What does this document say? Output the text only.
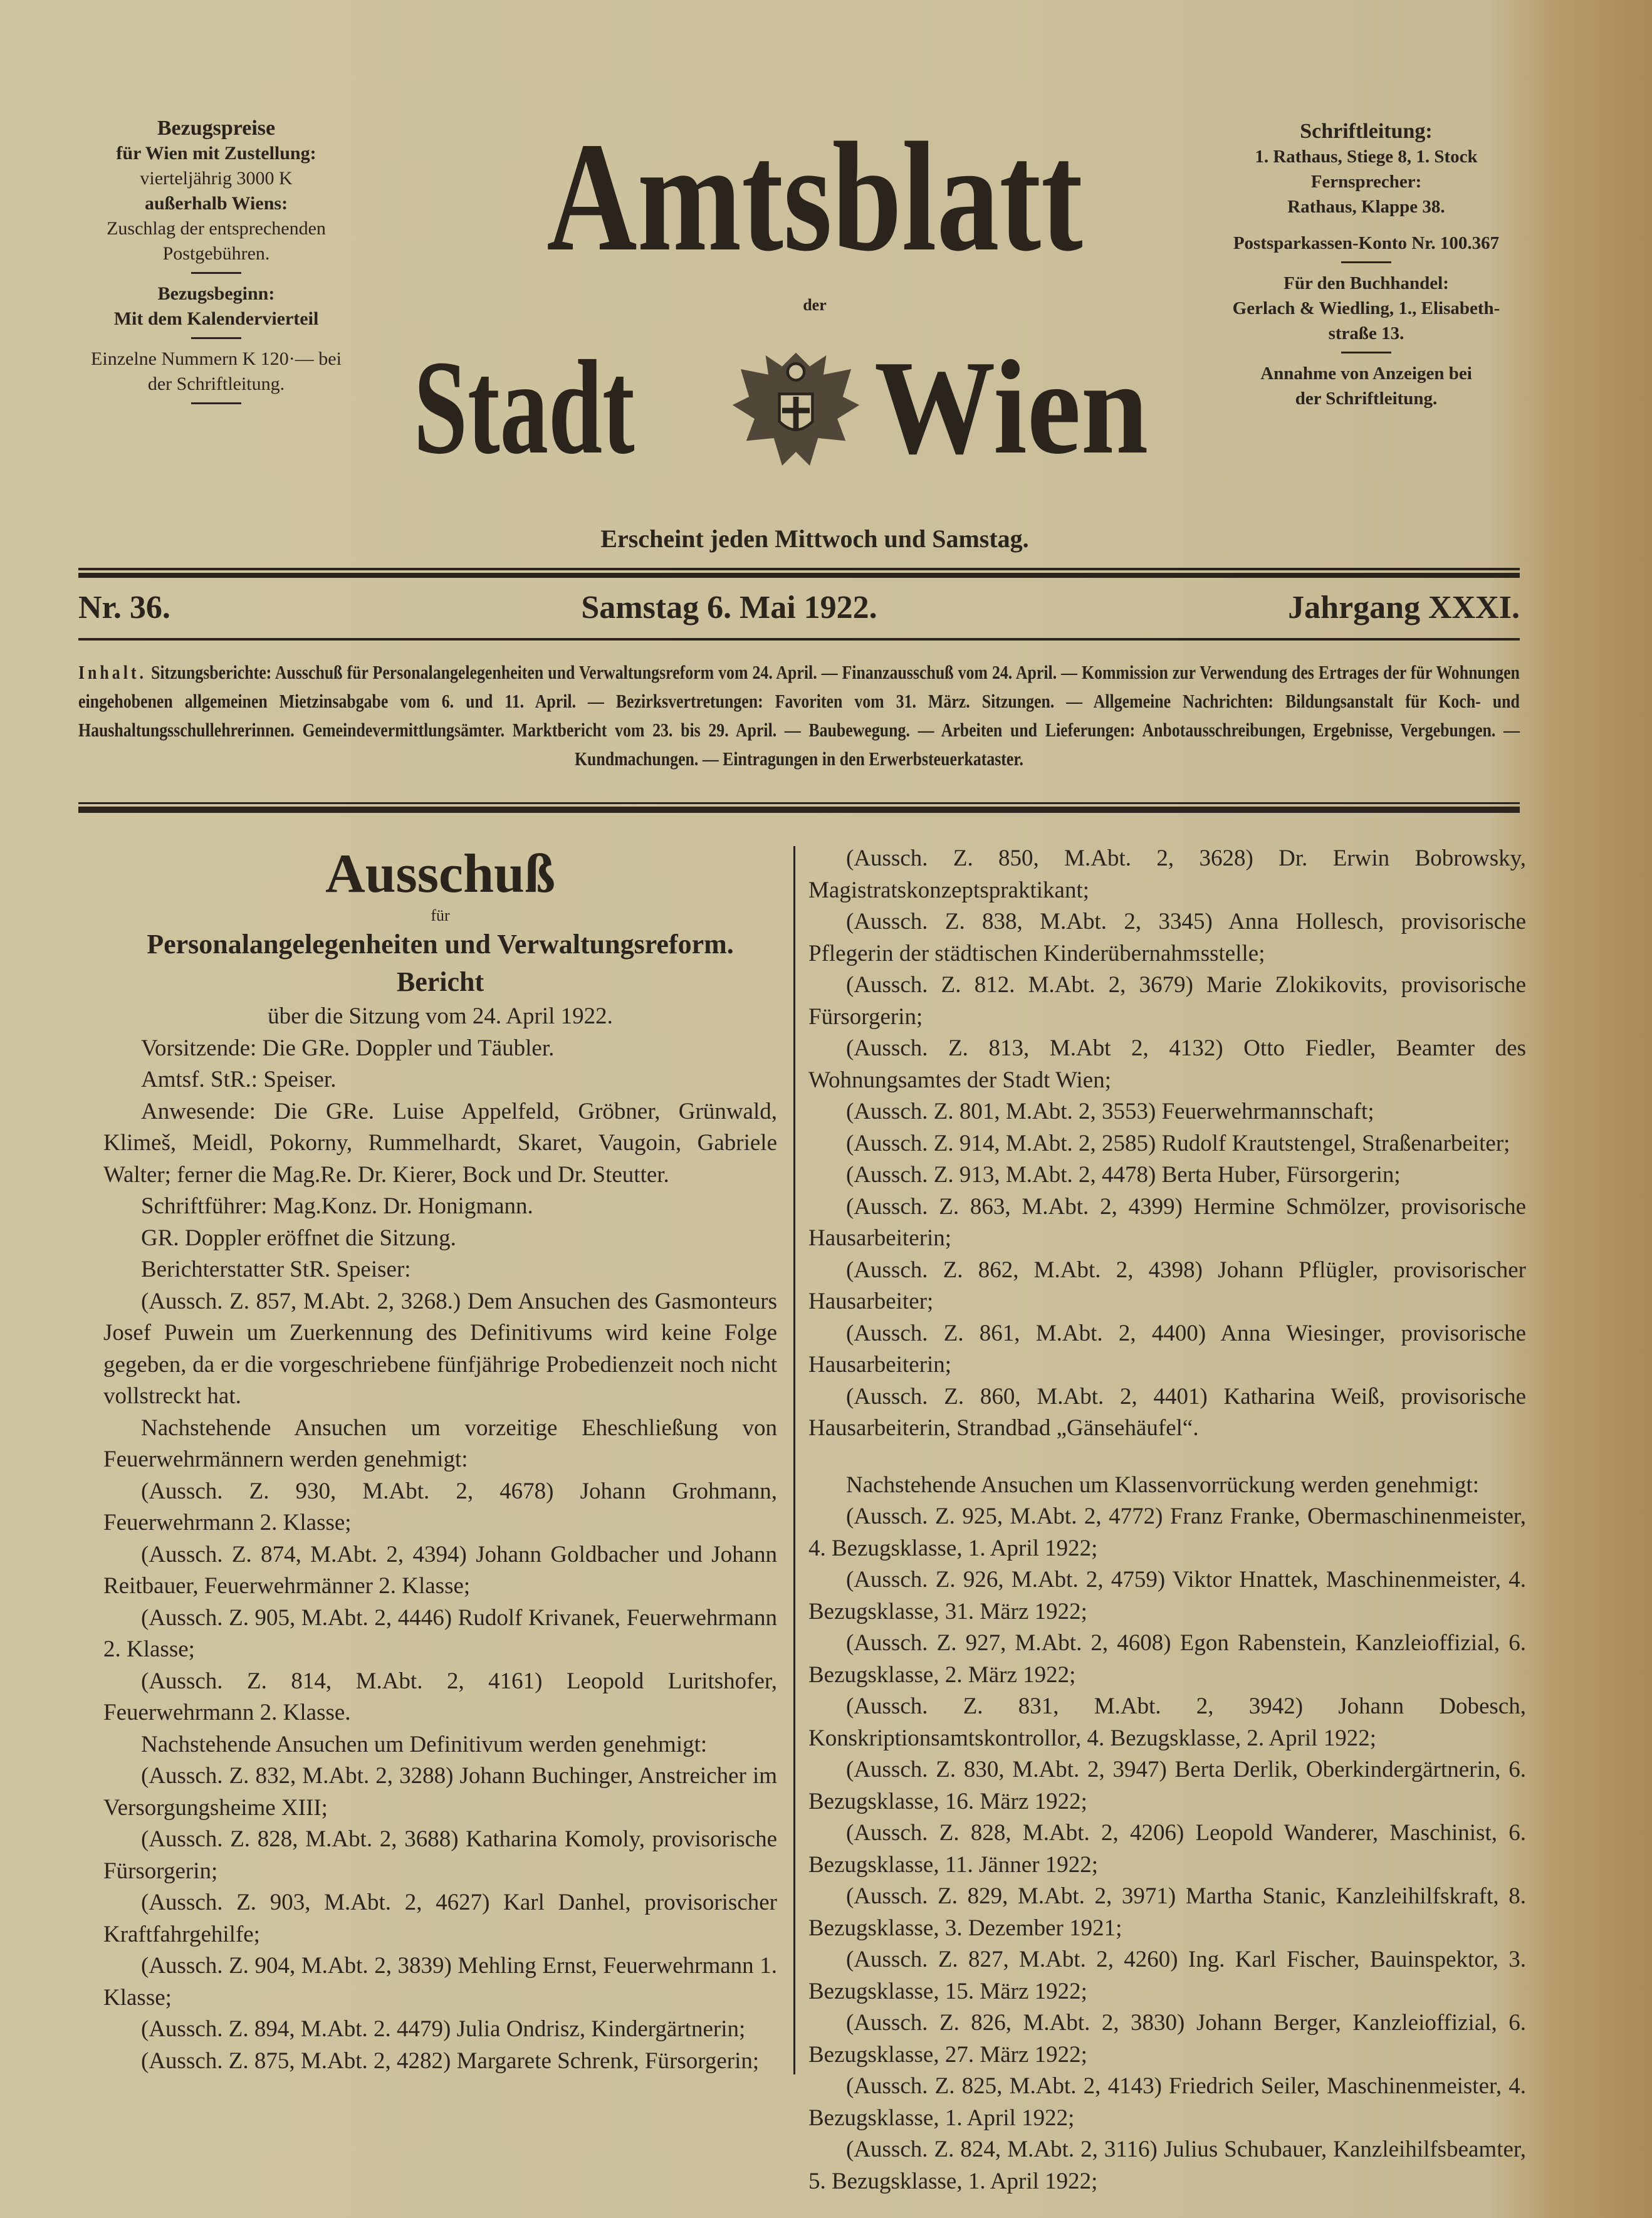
Bezugspreise
für Wien mit Zustellung:
vierteljährig 3000 K
außerhalb Wiens:
Zuschlag der entsprechenden
Postgebühren.
Bezugsbeginn:
Mit dem Kalendervierteil
Einzelne Nummern K 120·— bei
der Schriftleitung.
Amtsblatt
der
Stadt Wien
Erscheint jeden Mittwoch und Samstag.
Schriftleitung:
1. Rathaus, Stiege 8, 1. Stock
Fernsprecher:
Rathaus, Klappe 38.
Postsparkassen-Konto Nr. 100.367
Für den Buchhandel:
Gerlach & Wiedling, 1., Elisabeth-
straße 13.
Annahme von Anzeigen bei
der Schriftleitung.
Nr. 36.	Samstag 6. Mai 1922.	Jahrgang XXXI.
Inhalt. Sitzungsberichte: Ausschuß für Personalangelegenheiten und Verwaltungsreform vom 24. April. — Finanzausschuß vom 24. April. — Kommission zur Verwendung des Ertrages der für Wohnungen eingehobenen allgemeinen Mietzinsabgabe vom 6. und 11. April. — Bezirksvertretungen: Favoriten vom 31. März. Sitzungen. — Allgemeine Nachrichten: Bildungsanstalt für Koch- und Haushaltungsschullehrerinnen. Gemeindevermittlungsämter. Marktbericht vom 23. bis 29. April. — Baubewegung. — Arbeiten und Lieferungen: Anbotausschreibungen, Ergebnisse, Vergebungen. — Kundmachungen. — Eintragungen in den Erwerbsteuerkataster.
Ausschuß
für
Personalangelegenheiten und Verwaltungsreform.
Bericht

über die Sitzung vom 24. April 1922.

Vorsitzende: Die GRe. Doppler und Täubler.

Amtsf. StR.: Speiser.

Anwesende: Die GRe. Luise Appelfeld, Gröbner, Grünwald, Klimeš, Meidl, Pokorny, Rummelhardt, Skaret, Vaugoin, Gabriele Walter; ferner die Mag.Re. Dr. Kierer, Bock und Dr. Steutter.

Schriftführer: Mag.Konz. Dr. Honigmann.

GR. Doppler eröffnet die Sitzung.

Berichterstatter StR. Speiser:

(Aussch. Z. 857, M.Abt. 2, 3268.) Dem Ansuchen des Gasmonteurs Josef Puwein um Zuerkennung des Definitivums wird keine Folge gegeben, da er die vorgeschriebene fünfjährige Probedienzeit noch nicht vollstreckt hat.

Nachstehende Ansuchen um vorzeitige Eheschließung von Feuerwehrmännern werden genehmigt:

(Aussch. Z. 930, M.Abt. 2, 4678) Johann Grohmann, Feuerwehrmann 2. Klasse;

(Aussch. Z. 874, M.Abt. 2, 4394) Johann Goldbacher und Johann Reitbauer, Feuerwehrmänner 2. Klasse;

(Aussch. Z. 905, M.Abt. 2, 4446) Rudolf Krivanek, Feuerwehrmann 2. Klasse;

(Aussch. Z. 814, M.Abt. 2, 4161) Leopold Luritshofer, Feuerwehrmann 2. Klasse.

Nachstehende Ansuchen um Definitivum werden genehmigt:

(Aussch. Z. 832, M.Abt. 2, 3288) Johann Buchinger, Anstreicher im Versorgungsheime XIII;

(Aussch. Z. 828, M.Abt. 2, 3688) Katharina Komoly, provisorische Fürsorgerin;

(Aussch. Z. 903, M.Abt. 2, 4627) Karl Danhel, provisorischer Kraftfahrgehilfe;

(Aussch. Z. 904, M.Abt. 2, 3839) Mehling Ernst, Feuerwehrmann 1. Klasse;

(Aussch. Z. 894, M.Abt. 2. 4479) Julia Ondrisz, Kindergärtnerin;

(Aussch. Z. 875, M.Abt. 2, 4282) Margarete Schrenk, Fürsorgerin;

(Aussch. Z. 850, M.Abt. 2, 3628) Dr. Erwin Bobrowsky, Magistratskonzeptspraktikant;

(Aussch. Z. 838, M.Abt. 2, 3345) Anna Hollesch, provisorische Pflegerin der städtischen Kinderübernahmsstelle;

(Aussch. Z. 812. M.Abt. 2, 3679) Marie Zlokikovits, provisorische Fürsorgerin;

(Aussch. Z. 813, M.Abt 2, 4132) Otto Fiedler, Beamter des Wohnungsamtes der Stadt Wien;

(Aussch. Z. 801, M.Abt. 2, 3553) Feuerwehrmannschaft;

(Aussch. Z. 914, M.Abt. 2, 2585) Rudolf Krautstengel, Straßenarbeiter;

(Aussch. Z. 913, M.Abt. 2, 4478) Berta Huber, Fürsorgerin;

(Aussch. Z. 863, M.Abt. 2, 4399) Hermine Schmölzer, provisorische Hausarbeiterin;

(Aussch. Z. 862, M.Abt. 2, 4398) Johann Pflügler, provisorischer Hausarbeiter;

(Aussch. Z. 861, M.Abt. 2, 4400) Anna Wiesinger, provisorische Hausarbeiterin;

(Aussch. Z. 860, M.Abt. 2, 4401) Katharina Weiß, provisorische Hausarbeiterin, Strandbad „Gänsehäufel“.

Nachstehende Ansuchen um Klassenvorrückung werden genehmigt:

(Aussch. Z. 925, M.Abt. 2, 4772) Franz Franke, Obermaschinenmeister, 4. Bezugsklasse, 1. April 1922;

(Aussch. Z. 926, M.Abt. 2, 4759) Viktor Hnattek, Maschinenmeister, 4. Bezugsklasse, 31. März 1922;

(Aussch. Z. 927, M.Abt. 2, 4608) Egon Rabenstein, Kanzleioffizial, 6. Bezugsklasse, 2. März 1922;

(Aussch. Z. 831, M.Abt. 2, 3942) Johann Dobesch, Konskriptionsamtskontrollor, 4. Bezugsklasse, 2. April 1922;

(Aussch. Z. 830, M.Abt. 2, 3947) Berta Derlik, Oberkindergärtnerin, 6. Bezugsklasse, 16. März 1922;

(Aussch. Z. 828, M.Abt. 2, 4206) Leopold Wanderer, Maschinist, 6. Bezugsklasse, 11. Jänner 1922;

(Aussch. Z. 829, M.Abt. 2, 3971) Martha Stanic, Kanzleihilfskraft, 8. Bezugsklasse, 3. Dezember 1921;

(Aussch. Z. 827, M.Abt. 2, 4260) Ing. Karl Fischer, Bauinspektor, 3. Bezugsklasse, 15. März 1922;

(Aussch. Z. 826, M.Abt. 2, 3830) Johann Berger, Kanzleioffizial, 6. Bezugsklasse, 27. März 1922;

(Aussch. Z. 825, M.Abt. 2, 4143) Friedrich Seiler, Maschinenmeister, 4. Bezugsklasse, 1. April 1922;

(Aussch. Z. 824, M.Abt. 2, 3116) Julius Schubauer, Kanzleihilfsbeamter, 5. Bezugsklasse, 1. April 1922;
